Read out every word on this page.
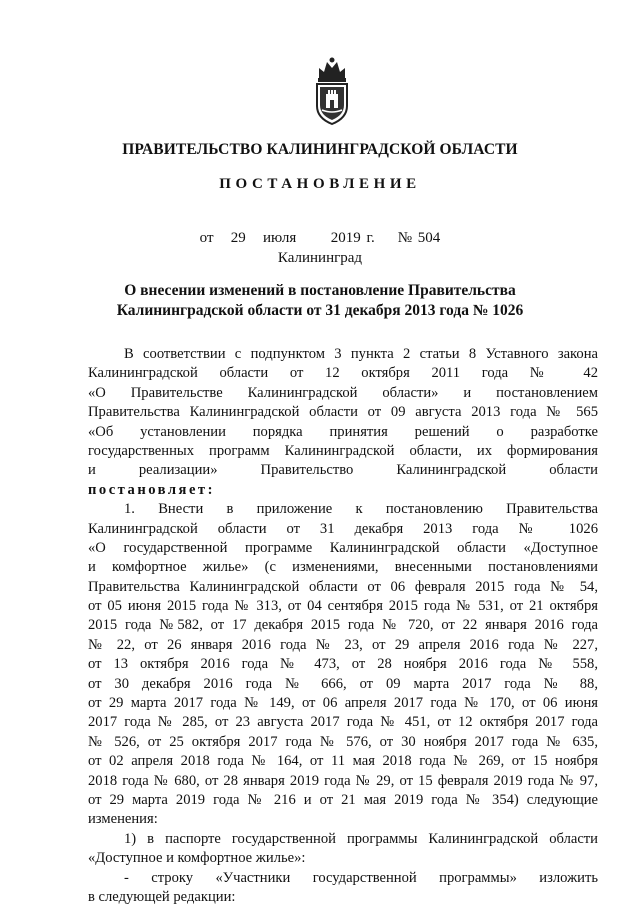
ПРАВИТЕЛЬСТВО КАЛИНИНГРАДСКОЙ ОБЛАСТИ
ПОСТАНОВЛЕНИЕ
от 29 июля 2019 г. № 504
Калининград
О внесении изменений в постановление Правительства
Калининградской области от 31 декабря 2013 года № 1026
В соответствии с подпунктом 3 пункта 2 статьи 8 Уставного закона
Калининградской области от 12 октября 2011 года № 42
«О Правительстве Калининградской области» и постановлением
Правительства Калининградской области от 09 августа 2013 года № 565
«Об установлении порядка принятия решений о разработке
государственных программ Калининградской области, их формирования
и реализации» Правительство Калининградской области
постановляет:
1. Внести в приложение к постановлению Правительства
Калининградской области от 31 декабря 2013 года № 1026
«О государственной программе Калининградской области «Доступное
и комфортное жилье» (с изменениями, внесенными постановлениями
Правительства Калининградской области от 06 февраля 2015 года № 54,
от 05 июня 2015 года № 313, от 04 сентября 2015 года № 531, от 21 октября
2015 года №582, от 17 декабря 2015 года № 720, от 22 января 2016 года
№ 22, от 26 января 2016 года № 23, от 29 апреля 2016 года № 227,
от 13 октября 2016 года № 473, от 28 ноября 2016 года № 558,
от 30 декабря 2016 года № 666, от 09 марта 2017 года № 88,
от 29 марта 2017 года № 149, от 06 апреля 2017 года № 170, от 06 июня
2017 года № 285, от 23 августа 2017 года № 451, от 12 октября 2017 года
№ 526, от 25 октября 2017 года № 576, от 30 ноября 2017 года № 635,
от 02 апреля 2018 года № 164, от 11 мая 2018 года № 269, от 15 ноября
2018 года № 680, от 28 января 2019 года № 29, от 15 февраля 2019 года № 97,
от 29 марта 2019 года № 216 и от 21 мая 2019 года № 354) следующие
изменения:
1) в паспорте государственной программы Калининградской области
«Доступное и комфортное жилье»:
- строку «Участники государственной программы» изложить
в следующей редакции:
